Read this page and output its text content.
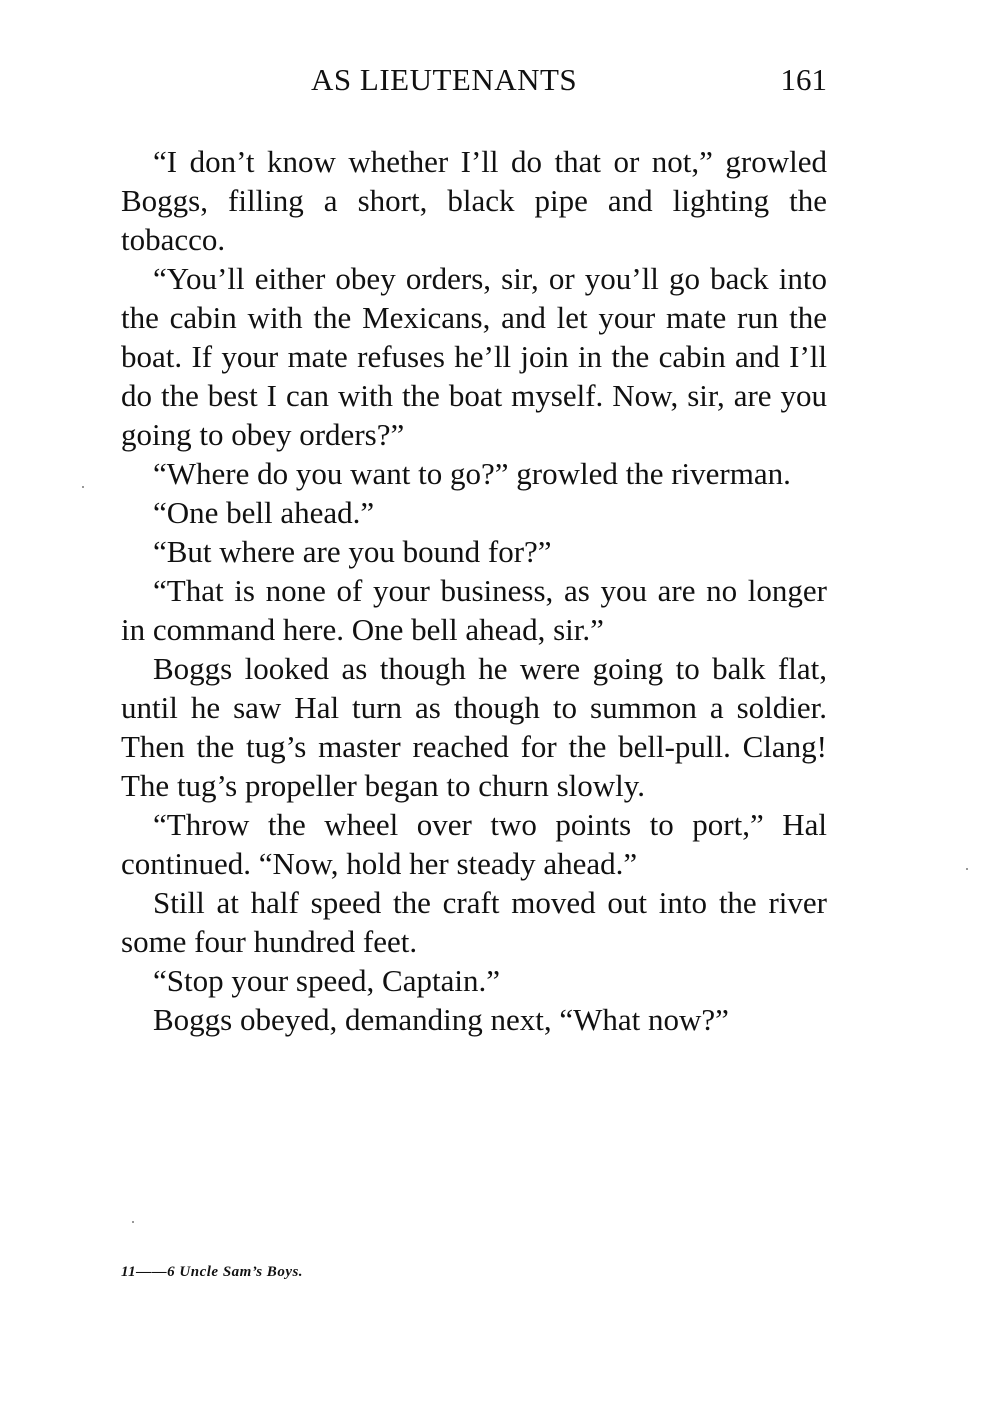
AS LIEUTENANTS	161

“I don’t know whether I’ll do that or not,” growled Boggs, filling a short, black pipe and lighting the tobacco.

“You’ll either obey orders, sir, or you’ll go back into the cabin with the Mexicans, and let your mate run the boat. If your mate refuses he’ll join in the cabin and I’ll do the best I can with the boat myself. Now, sir, are you going to obey orders?”

“Where do you want to go?” growled the riverman.

“One bell ahead.”

“But where are you bound for?”

“That is none of your business, as you are no longer in command here. One bell ahead, sir.”

Boggs looked as though he were going to balk flat, until he saw Hal turn as though to summon a soldier. Then the tug’s master reached for the bell-pull. Clang! The tug’s propeller began to churn slowly.

“Throw the wheel over two points to port,” Hal continued. “Now, hold her steady ahead.”

Still at half speed the craft moved out into the river some four hundred feet.

“Stop your speed, Captain.”

Boggs obeyed, demanding next, “What now?”

11——6 Uncle Sam’s Boys.
